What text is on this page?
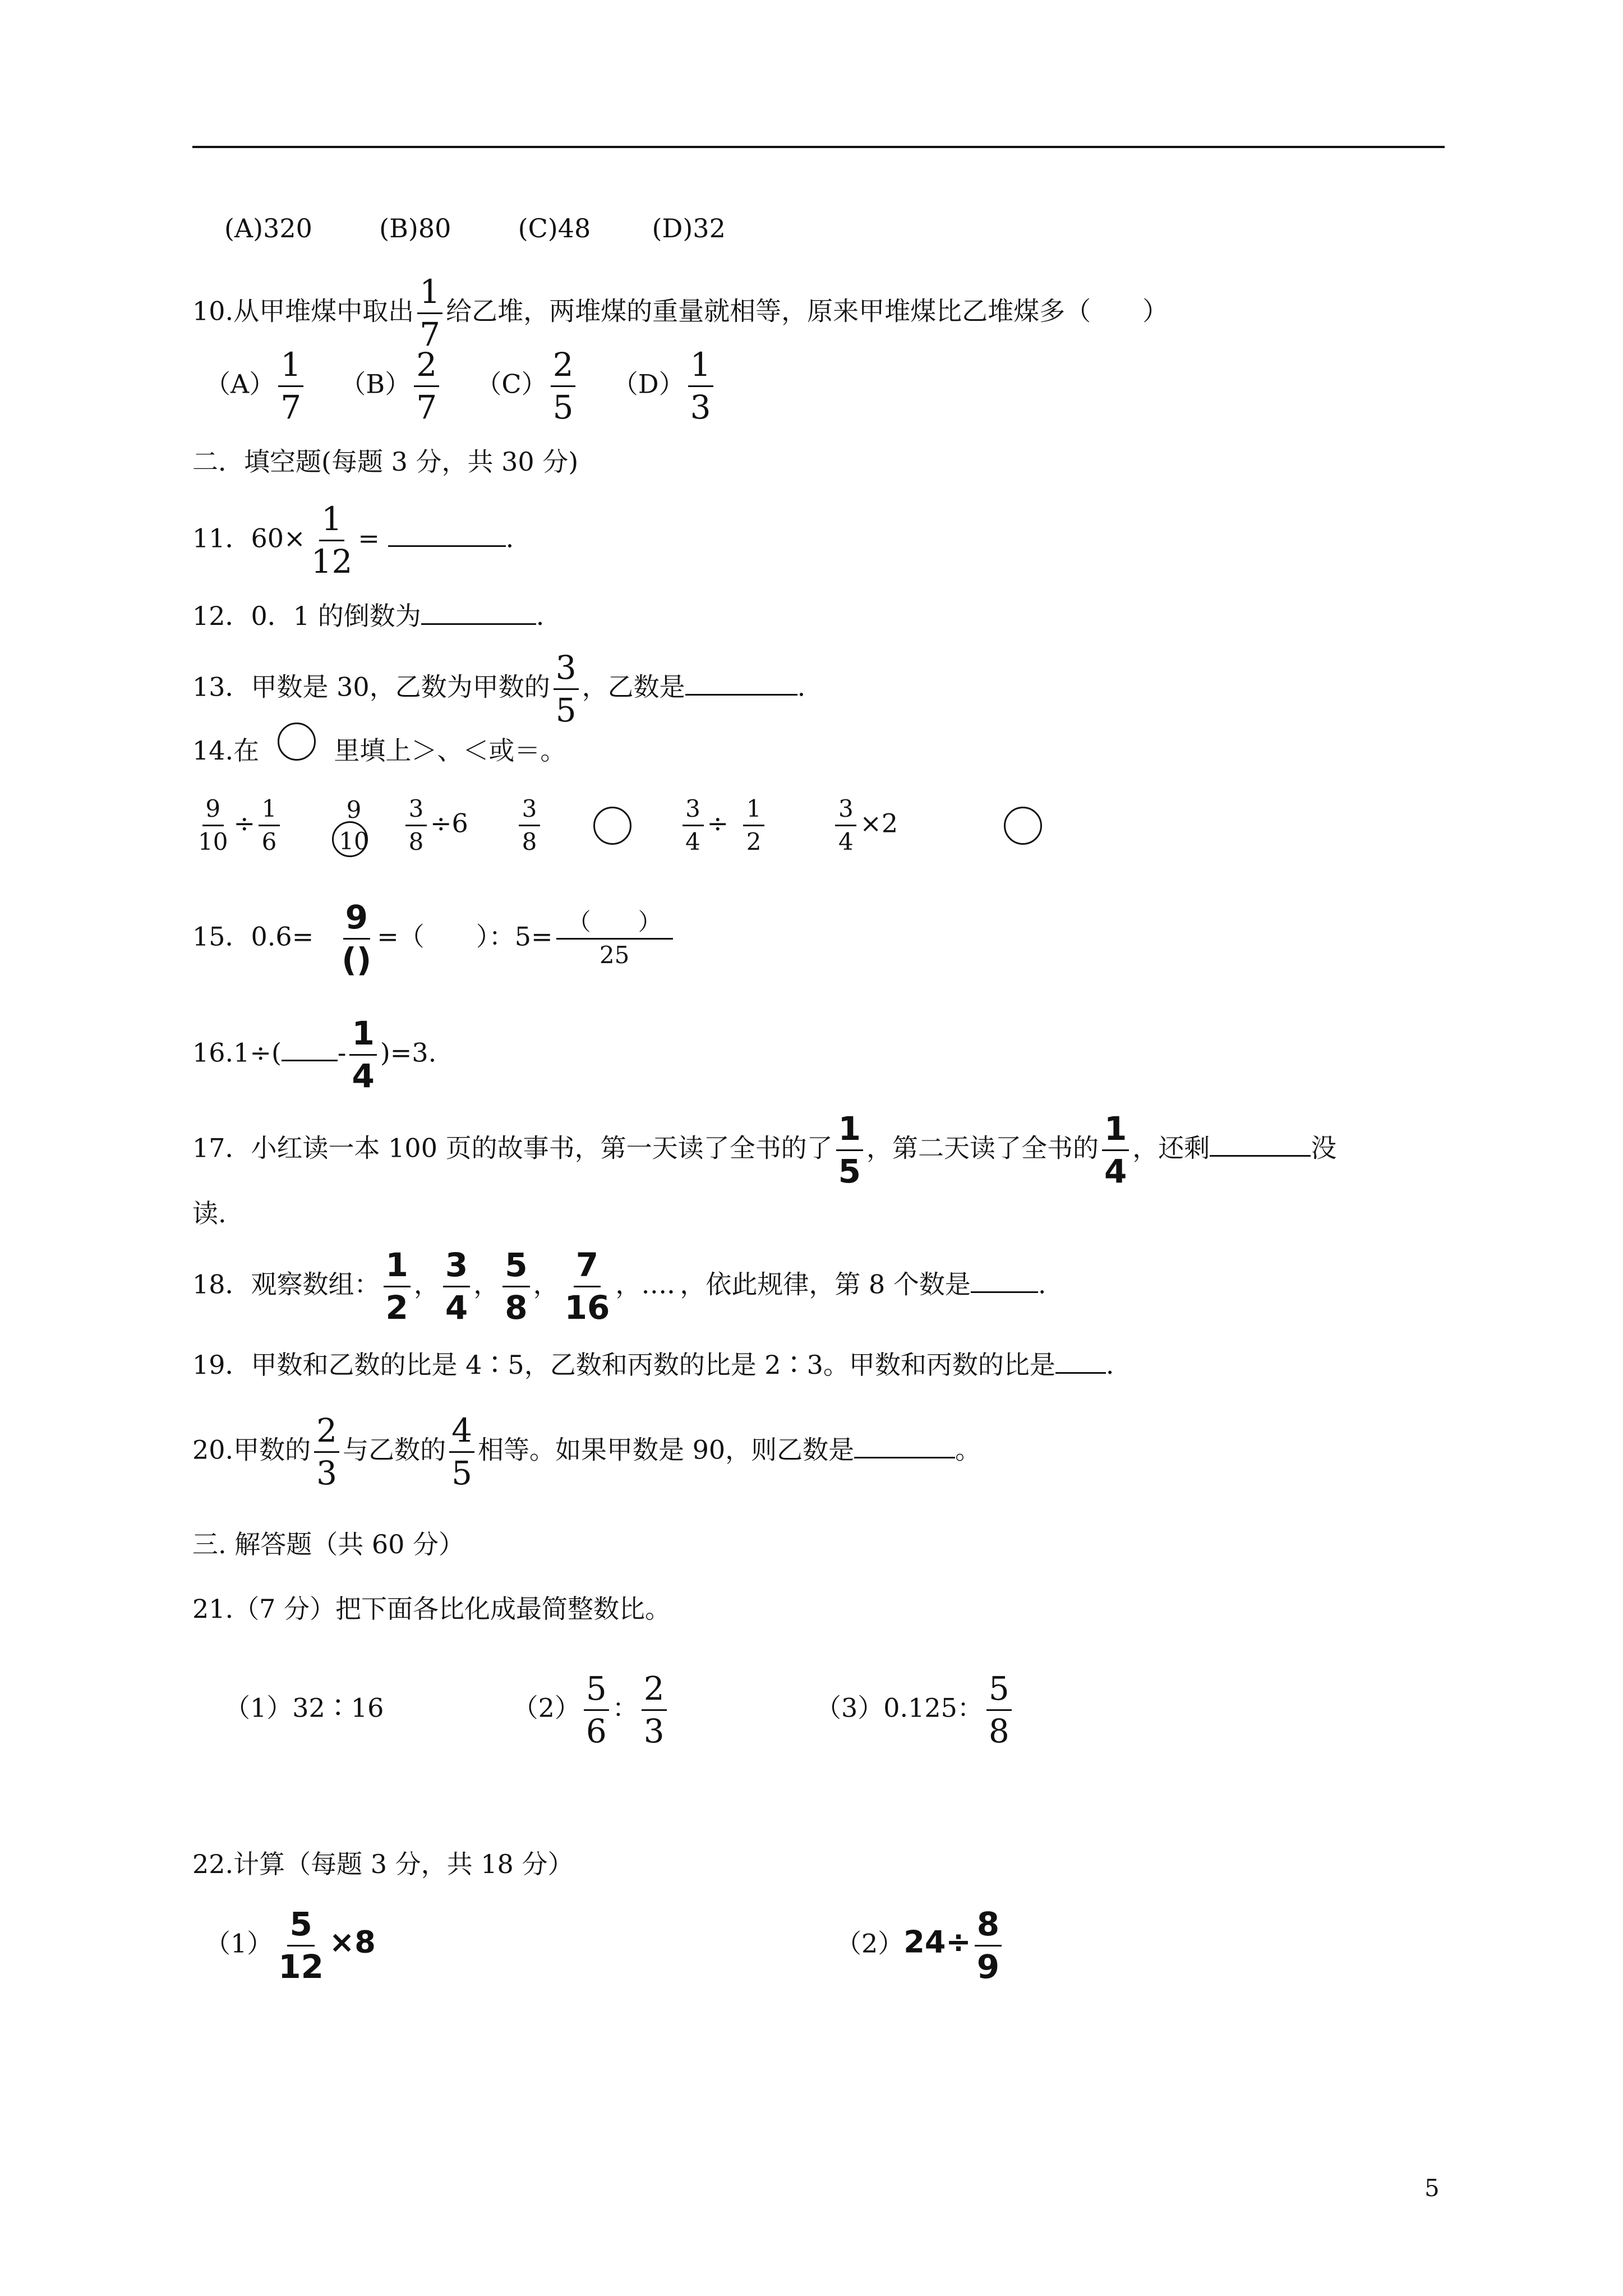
(A)320	(B)80	(C)48 (D)32
10.从甲堆煤中取出 $\frac{1}{7}$ 给乙堆，两堆煤的重量就相等，原来甲堆煤比乙堆煤多（　　）
$(A) \frac{1}{7} (B) \frac{2}{7} (C) \frac{2}{5} (D) \frac{1}{3}$
二．填空题(每题 3 分，共 30 分)
11．$60\times \frac{1}{12}$ =	.
12．0．1 的倒数为	.
13．甲数是 30，乙数为甲数的 $\frac{3}{5}$ ，乙数是	.
14.在	里填上＞、＜或＝。
$\frac{9}{10} \div \frac{1}{6}$
	9
10
$\frac{3}{8} \div 6 \frac{3}{8}$
	$\frac{3}{4} \div \frac{1}{2}$
	$\frac{3}{4} \times 2$
15．$0.6= \frac{9}{()}$ =（　　）：$5= \frac{( )}{25}$
$16.1\div( - \frac{1}{4} )=3$.
17．小红读一本 100 页的故事书，第一天读了全书的了 $\frac{1}{5}$ ，第二天读了全书的 $\frac{1}{4}$ ，还剩	没
读.
18．观察数组： $\frac{1}{2}$ ， $\frac{3}{4}$ ， $\frac{5}{8}$ ， $\frac{7}{16}$ ，…．，依此规律，第 8 个数是	.
19．甲数和乙数的比是 4∶5，乙数和丙数的比是 2∶3。甲数和丙数的比是 .
20.甲数的 $\frac{2}{3}$ 与乙数的 $\frac{4}{5}$ 相等。如果甲数是 90，则乙数是	。
三. 解答题（共 60 分）
21.（7 分）把下面各比化成最简整数比。
（1）32∶16	$(2) \frac{5}{6}$ ： $\frac{2}{3}$	（3）0.125： $\frac{5}{8}$
22.计算（每题 3 分，共 18 分）
$(1) \frac{5}{12} \times 8$	$(2)24\div \frac{8}{9}$
5
